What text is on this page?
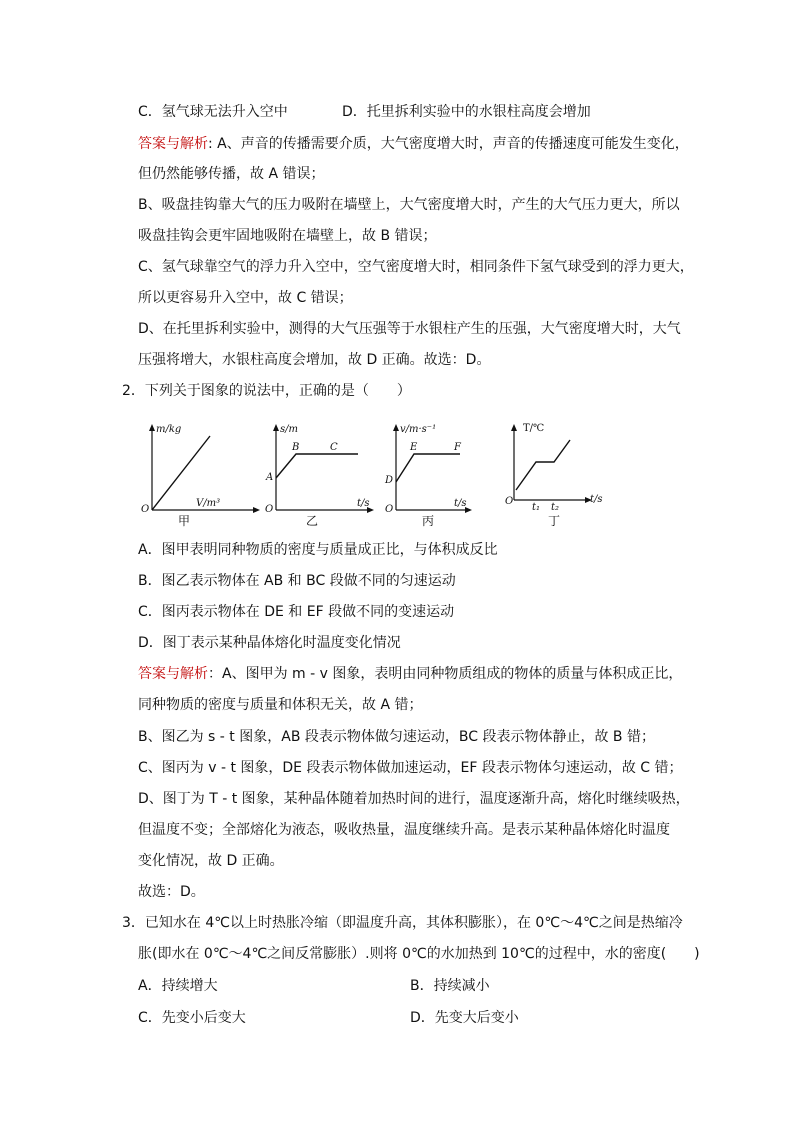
C．氢气球无法升入空中	D．托里拆利实验中的水银柱高度会增加
答案与解析: A、声音的传播需要介质，大气密度增大时，声音的传播速度可能发生变化，
但仍然能够传播，故 A 错误；
B、吸盘挂钩靠大气的压力吸附在墙壁上，大气密度增大时，产生的大气压力更大，所以
吸盘挂钩会更牢固地吸附在墙壁上，故 B 错误；
C、氢气球靠空气的浮力升入空中，空气密度增大时，相同条件下氢气球受到的浮力更大，
所以更容易升入空中，故 C 错误；
D、在托里拆利实验中，测得的大气压强等于水银柱产生的压强，大气密度增大时，大气
压强将增大，水银柱高度会增加，故 D 正确。故选：D。
2．下列关于图象的说法中，正确的是（　　）
m/kg
V/m³
O
甲
s/m
t/s
O
A
B	C
乙
v/m·s⁻¹
t/s
O
D
E	F
丙
T/℃
t/s
O
t₁ t₂
丁
A．图甲表明同种物质的密度与质量成正比，与体积成反比
B．图乙表示物体在 AB 和 BC 段做不同的匀速运动
C．图丙表示物体在 DE 和 EF 段做不同的变速运动
D．图丁表示某种晶体熔化时温度变化情况
答案与解析：A、图甲为 m - v 图象，表明由同种物质组成的物体的质量与体积成正比，
同种物质的密度与质量和体积无关，故 A 错；
B、图乙为 s - t 图象，AB 段表示物体做匀速运动，BC 段表示物体静止，故 B 错；
C、图丙为 v - t 图象，DE 段表示物体做加速运动，EF 段表示物体匀速运动，故 C 错；
D、图丁为 T - t 图象，某种晶体随着加热时间的进行，温度逐渐升高，熔化时继续吸热，
但温度不变；全部熔化为液态，吸收热量，温度继续升高。是表示某种晶体熔化时温度
变化情况，故 D 正确。
故选：D。
3．已知水在 4℃以上时热胀冷缩（即温度升高，其体积膨胀），在 0℃～4℃之间是热缩冷
胀(即水在 0℃～4℃之间反常膨胀）.则将 0℃的水加热到 10℃的过程中，水的密度(　　)
A．持续增大	B．持续减小
C．先变小后变大	D．先变大后变小
